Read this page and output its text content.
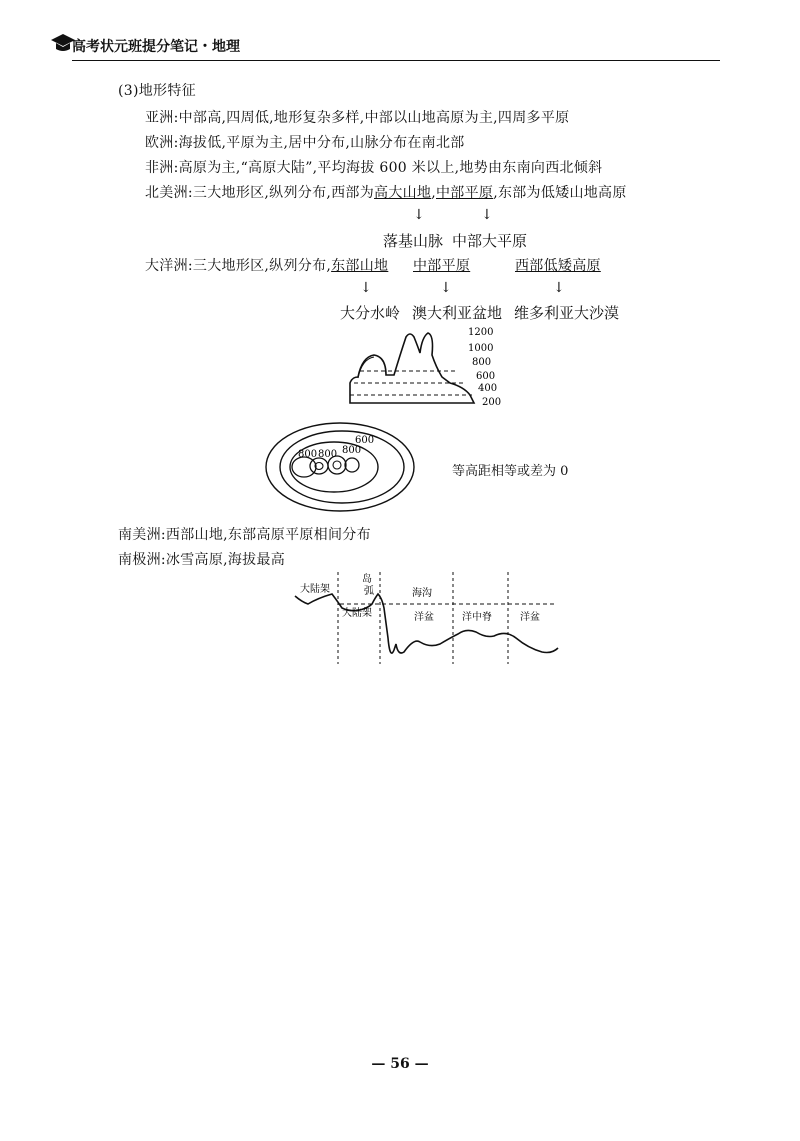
高考状元班提分笔记・地理
(3)地形特征
亚洲:中部高,四周低,地形复杂多样,中部以山地高原为主,四周多平原
欧洲:海拔低,平原为主,居中分布,山脉分布在南北部
非洲:高原为主,“高原大陆”,平均海拔 600 米以上,地势由东南向西北倾斜
北美洲:三大地形区,纵列分布,西部为高大山地,中部平原,东部为低矮山地高原
↓	↓
落基山脉 中部大平原
大洋洲:三大地形区,纵列分布,东部山地 中部平原	西部低矮高原
↓	↓	↓
大分水岭 澳大利亚盆地 维多利亚大沙漠
1200
1000
800
600
400
200
600
800 800 800
等高距相等或差为 0
南美洲:西部山地,东部高原平原相间分布
南极洲:冰雪高原,海拔最高
大陆架
岛
弧	海沟
大陆架	洋盆	洋中脊	洋盆
— 56 —
